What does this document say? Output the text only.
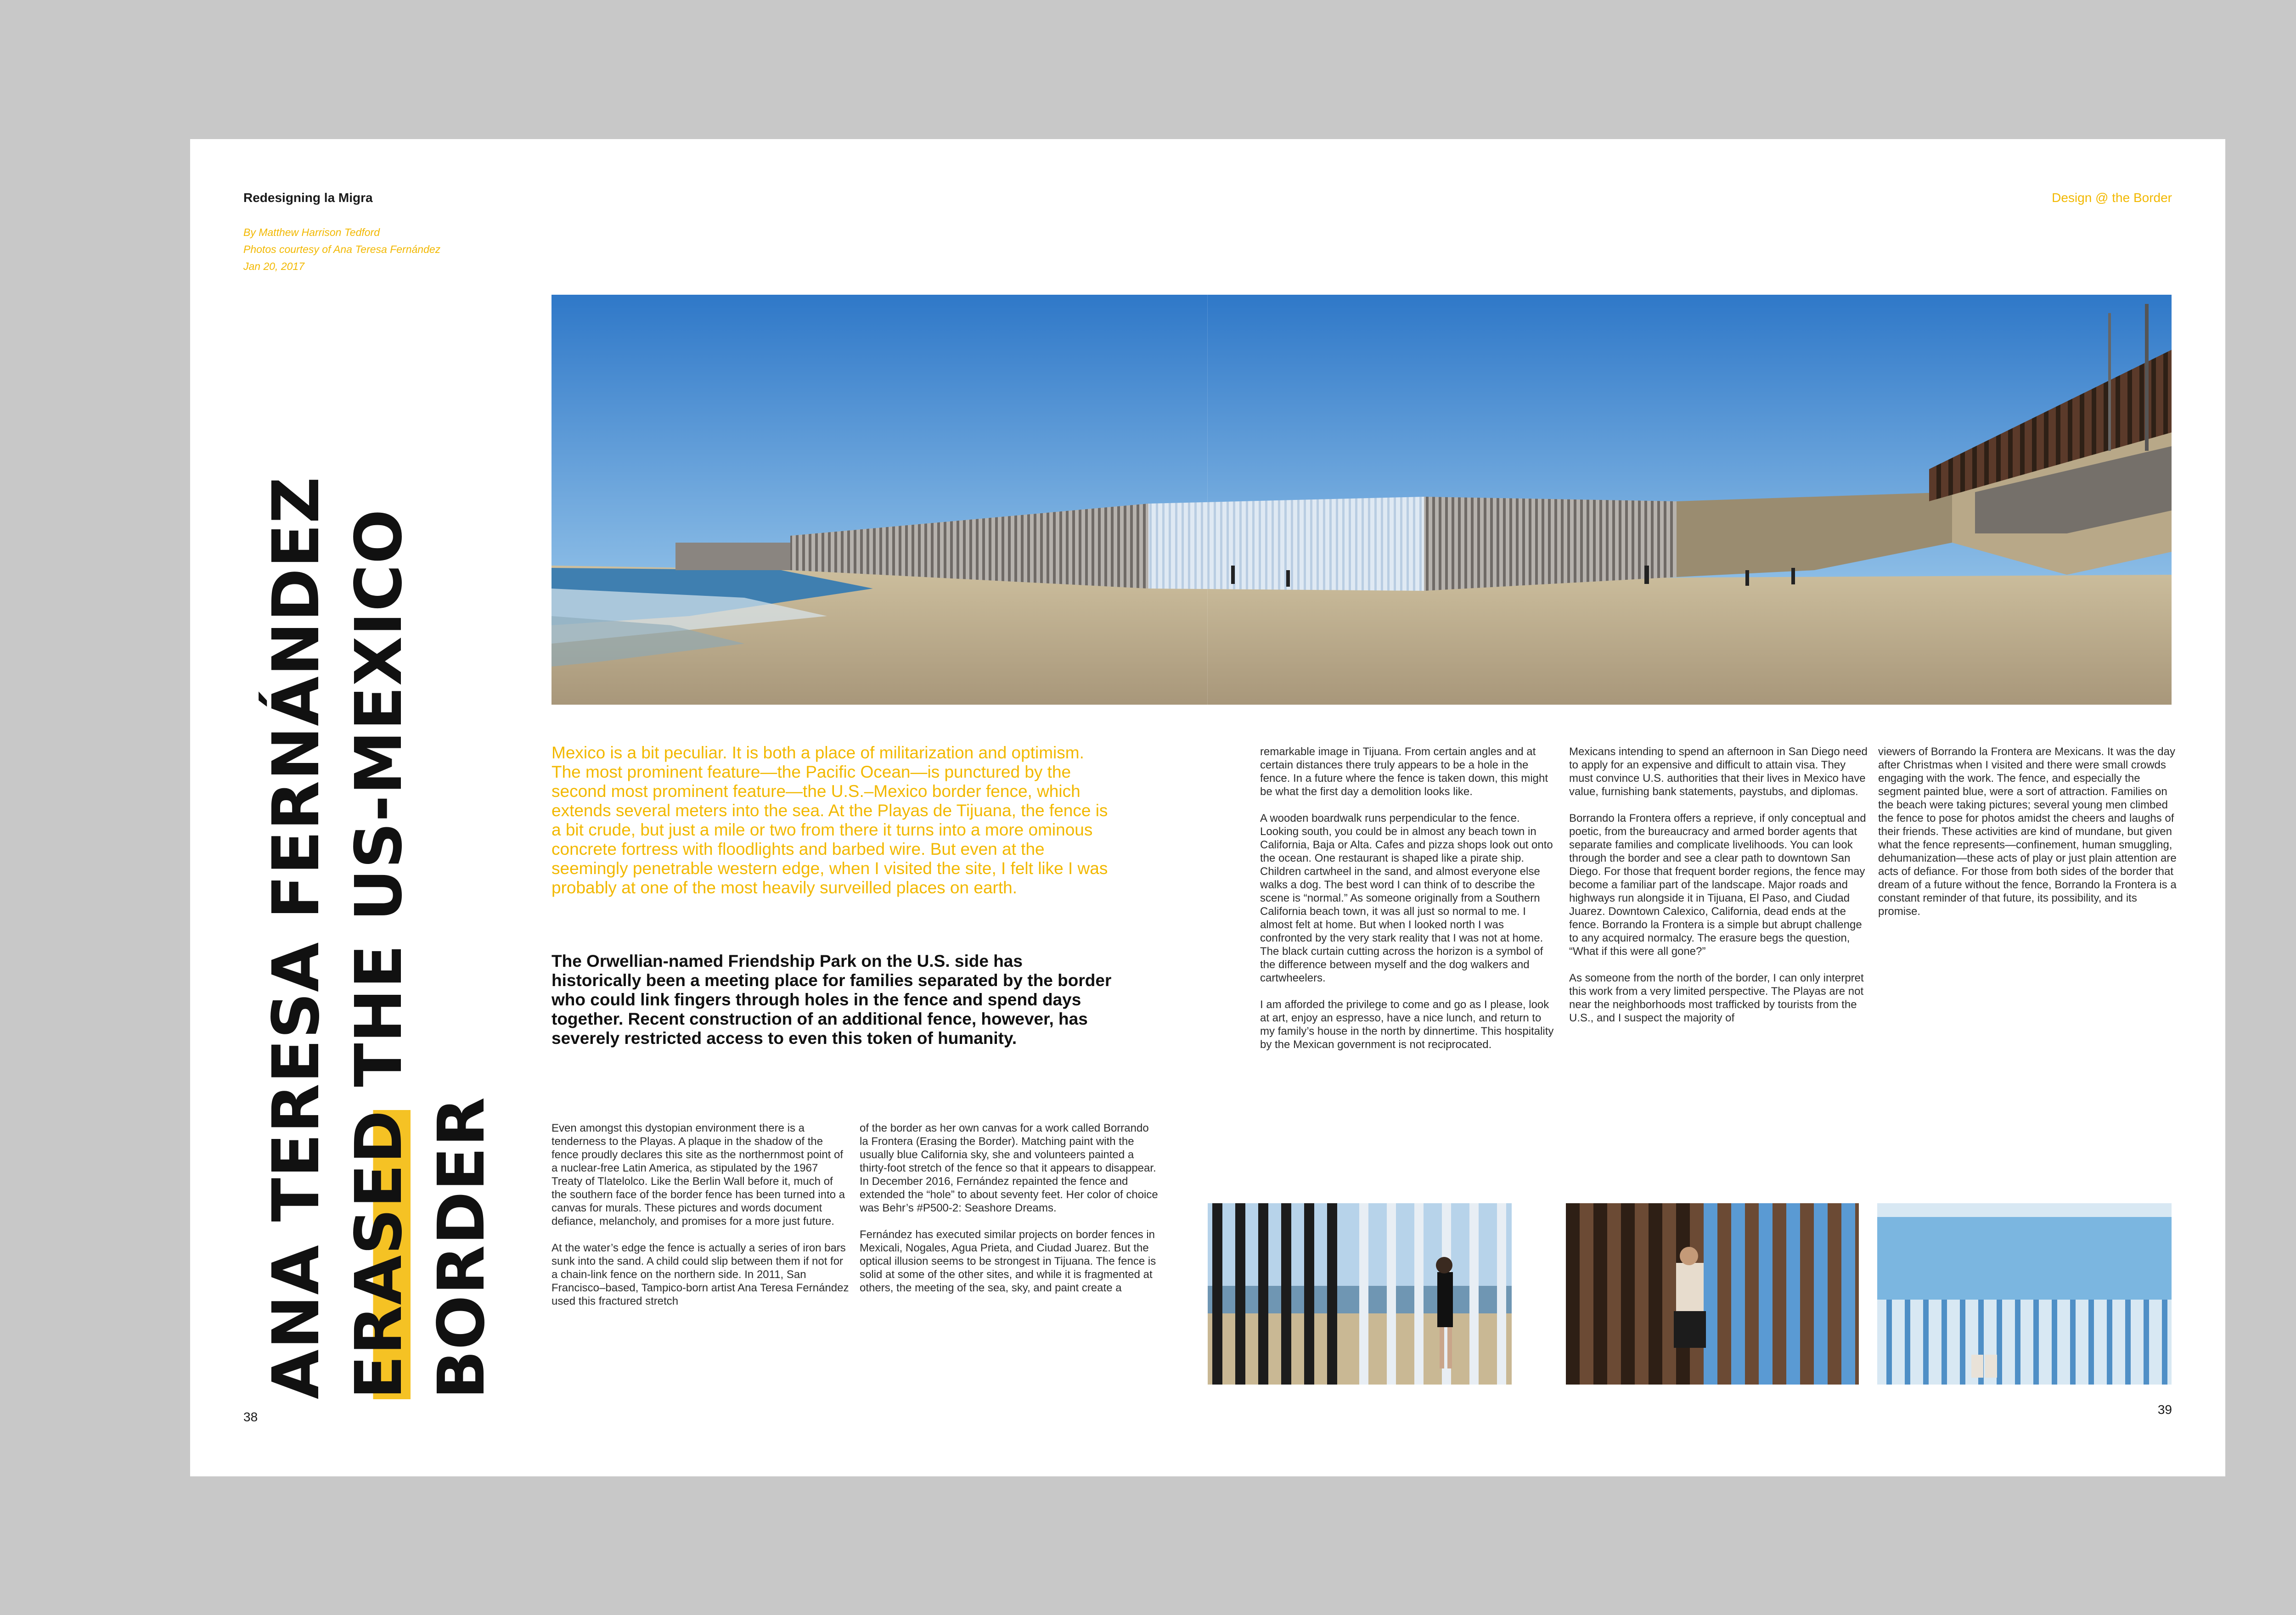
Redesigning la Migra	Design @ the Border
By Matthew Harrison Tedford
Photos courtesy of Ana Teresa Fernández
Jan 20, 2017
ANA TERESA FERNÁNDEZ ERASED THE US-MEXICO
BORDER
Mexico is a bit peculiar. It is both a place of militarization and optimism. The most prominent feature—the Pacific Ocean—is punctured by the second most prominent feature—the U.S.–Mexico border fence, which extends several meters into the sea. At the Playas de Tijuana, the fence is a bit crude, but just a mile or two from there it turns into a more ominous concrete fortress with floodlights and barbed wire. But even at the seemingly penetrable western edge, when I visited the site, I felt like I was probably at one of the most heavily surveilled places on earth.
The Orwellian-named Friendship Park on the U.S. side has historically been a meeting place for families separated by the border who could link fingers through holes in the fence and spend days together. Recent construction of an additional fence, however, has severely restricted access to even this token of humanity.

Even amongst this dystopian environment there is a tenderness to the Playas. A plaque in the shadow of the fence proudly declares this site as the northernmost point of a nuclear-free Latin America, as stipulated by the 1967 Treaty of Tlatelolco. Like the Berlin Wall before it, much of the southern face of the border fence has been turned into a canvas for murals. These pictures and words document defiance, melancholy, and promises for a more just future.

At the water’s edge the fence is actually a series of iron bars sunk into the sand. A child could slip between them if not for a chain-link fence on the northern side. In 2011, San Francisco–based, Tampico-born artist Ana Teresa Fernández used this fractured stretch

of the border as her own canvas for a work called Borrando la Frontera (Erasing the Border). Matching paint with the usually blue California sky, she and volunteers painted a thirty-foot stretch of the fence so that it appears to disappear. In December 2016, Fernández repainted the fence and extended the “hole” to about seventy feet. Her color of choice was Behr’s #P500-2: Seashore Dreams.

Fernández has executed similar projects on border fences in Mexicali, Nogales, Agua Prieta, and Ciudad Juarez. But the optical illusion seems to be strongest in Tijuana. The fence is solid at some of the other sites, and while it is fragmented at others, the meeting of the sea, sky, and paint create a

remarkable image in Tijuana. From certain angles and at certain distances there truly appears to be a hole in the fence. In a future where the fence is taken down, this might be what the first day a demolition looks like.

A wooden boardwalk runs perpendicular to the fence. Looking south, you could be in almost any beach town in California, Baja or Alta. Cafes and pizza shops look out onto the ocean. One restaurant is shaped like a pirate ship. Children cartwheel in the sand, and almost everyone else walks a dog. The best word I can think of to describe the scene is “normal.” As someone originally from a Southern California beach town, it was all just so normal to me. I almost felt at home. But when I looked north I was confronted by the very stark reality that I was not at home. The black curtain cutting across the horizon is a symbol of the difference between myself and the dog walkers and cartwheelers.

I am afforded the privilege to come and go as I please, look at art, enjoy an espresso, have a nice lunch, and return to my family’s house in the north by dinnertime. This hospitality by the Mexican government is not reciprocated.

Mexicans intending to spend an afternoon in San Diego need to apply for an expensive and difficult to attain visa. They must convince U.S. authorities that their lives in Mexico have value, furnishing bank statements, paystubs, and diplomas.

Borrando la Frontera offers a reprieve, if only conceptual and poetic, from the bureaucracy and armed border agents that separate families and complicate livelihoods. You can look through the border and see a clear path to downtown San Diego. For those that frequent border regions, the fence may become a familiar part of the landscape. Major roads and highways run alongside it in Tijuana, El Paso, and Ciudad Juarez. Downtown Calexico, California, dead ends at the fence. Borrando la Frontera is a simple but abrupt challenge to any acquired normalcy. The erasure begs the question, “What if this were all gone?”

As someone from the north of the border, I can only interpret this work from a very limited perspective. The Playas are not near the neighborhoods most trafficked by tourists from the U.S., and I suspect the majority of

viewers of Borrando la Frontera are Mexicans. It was the day after Christmas when I visited and there were small crowds engaging with the work. The fence, and especially the segment painted blue, were a sort of attraction. Families on the beach were taking pictures; several young men climbed the fence to pose for photos amidst the cheers and laughs of their friends. These activities are kind of mundane, but given what the fence represents—confinement, human smuggling, dehumanization—these acts of play or just plain attention are acts of defiance. For those from both sides of the border that dream of a future without the fence, Borrando la Frontera is a constant reminder of that future, its possibility, and its promise.

38
39
